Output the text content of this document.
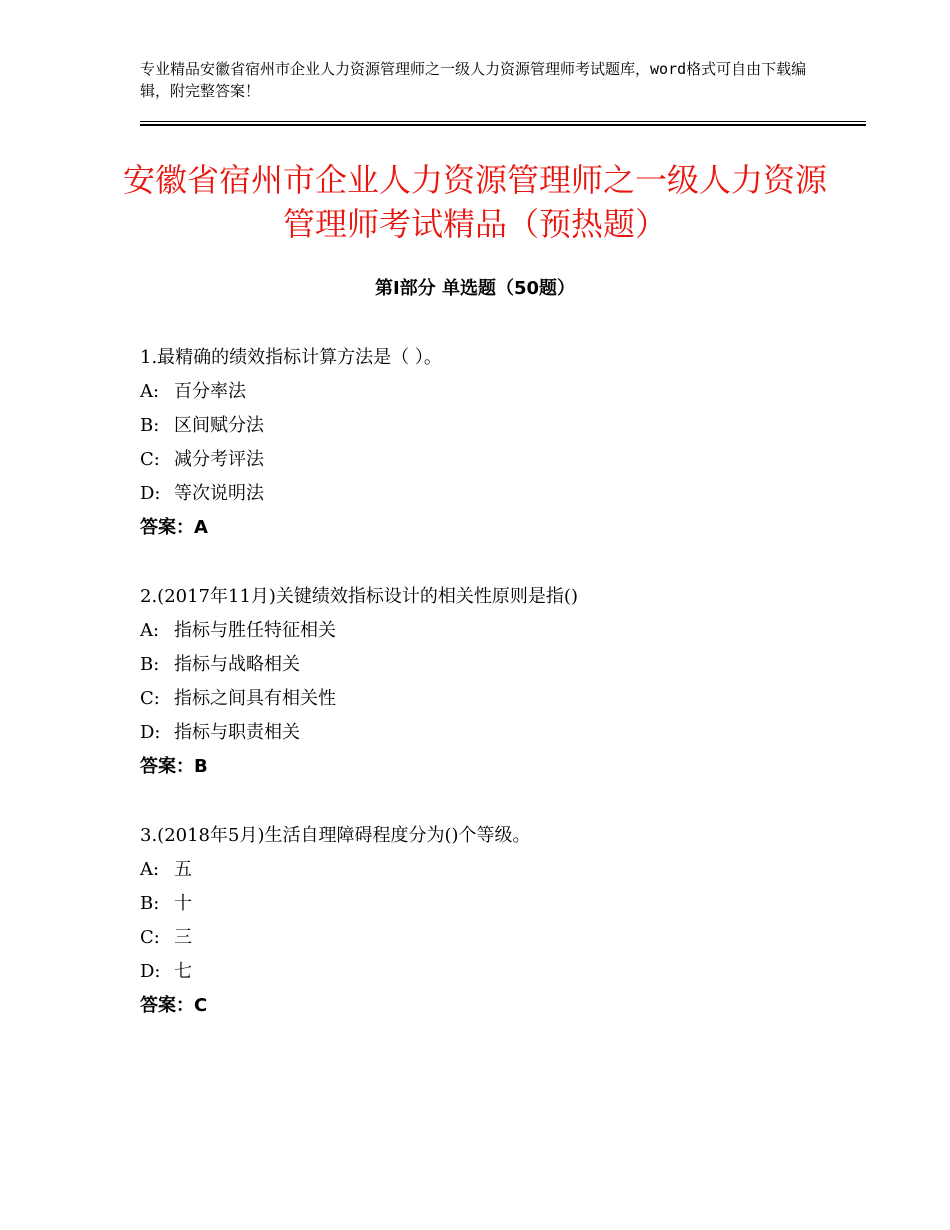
专业精品安徽省宿州市企业人力资源管理师之一级人力资源管理师考试题库，word格式可自由下载编辑，附完整答案！
安徽省宿州市企业人力资源管理师之一级人力资源管理师考试精品（预热题）
第Ⅰ部分 单选题（50题）
1.最精确的绩效指标计算方法是（ ）。
A: 百分率法
B: 区间赋分法
C: 减分考评法
D: 等次说明法
答案：A
2.(2017年11月)关键绩效指标设计的相关性原则是指()
A: 指标与胜任特征相关
B: 指标与战略相关
C: 指标之间具有相关性
D: 指标与职责相关
答案：B
3.(2018年5月)生活自理障碍程度分为()个等级。
A: 五
B: 十
C: 三
D: 七
答案：C
